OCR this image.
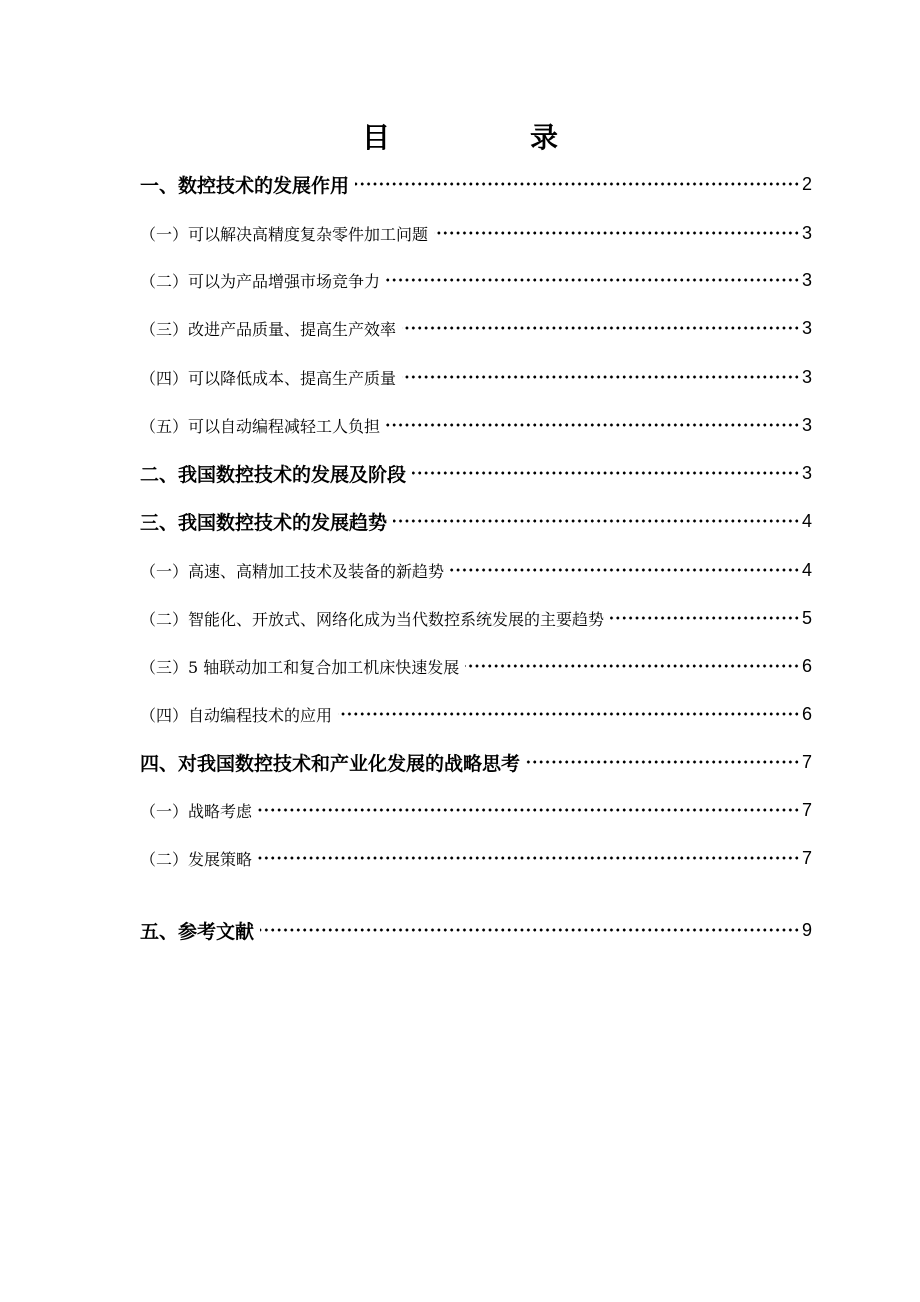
目　录
一、数控技术的发展作用	2
（一）可以解决高精度复杂零件加工问题	3
（二）可以为产品增强市场竞争力	3
（三）改进产品质量、提高生产效率	3
（四）可以降低成本、提高生产质量	3
（五）可以自动编程减轻工人负担	3
二、我国数控技术的发展及阶段	3
三、我国数控技术的发展趋势	4
（一）高速、高精加工技术及装备的新趋势	4
（二）智能化、开放式、网络化成为当代数控系统发展的主要趋势	5
（三）5 轴联动加工和复合加工机床快速发展	6
（四）自动编程技术的应用	6
四、对我国数控技术和产业化发展的战略思考	7
（一）战略考虑	7
（二）发展策略	7
五、参考文献	9
